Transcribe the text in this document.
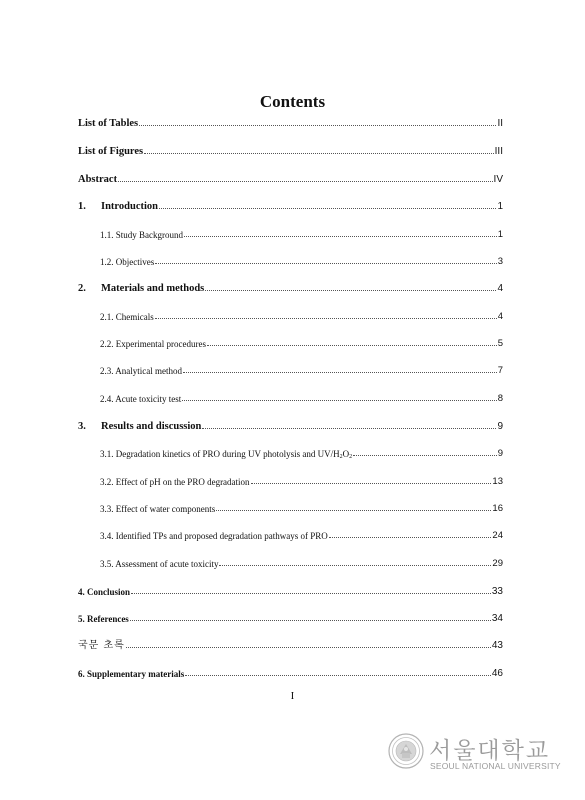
Contents
List of Tables	II
List of Figures	III
Abstract	IV
1.	Introduction	1
1.1. Study Background	1
1.2. Objectives	3
2.	Materials and methods	4
2.1. Chemicals	4
2.2. Experimental procedures	5
2.3. Analytical method	7
2.4. Acute toxicity test	8
3.	Results and discussion	9
3.1. Degradation kinetics of PRO during UV photolysis and $UV/H_2O_2$	9
3.2. Effect of pH on the PRO degradation	13
3.3. Effect of water components	16
3.4. Identified TPs and proposed degradation pathways of PRO	24
3.5. Assessment of acute toxicity	29
4. Conclusion	33
5. References	34
국문 초록	43
6. Supplementary materials	46
I
서울대학교
SEOUL NATIONAL UNIVERSITY
